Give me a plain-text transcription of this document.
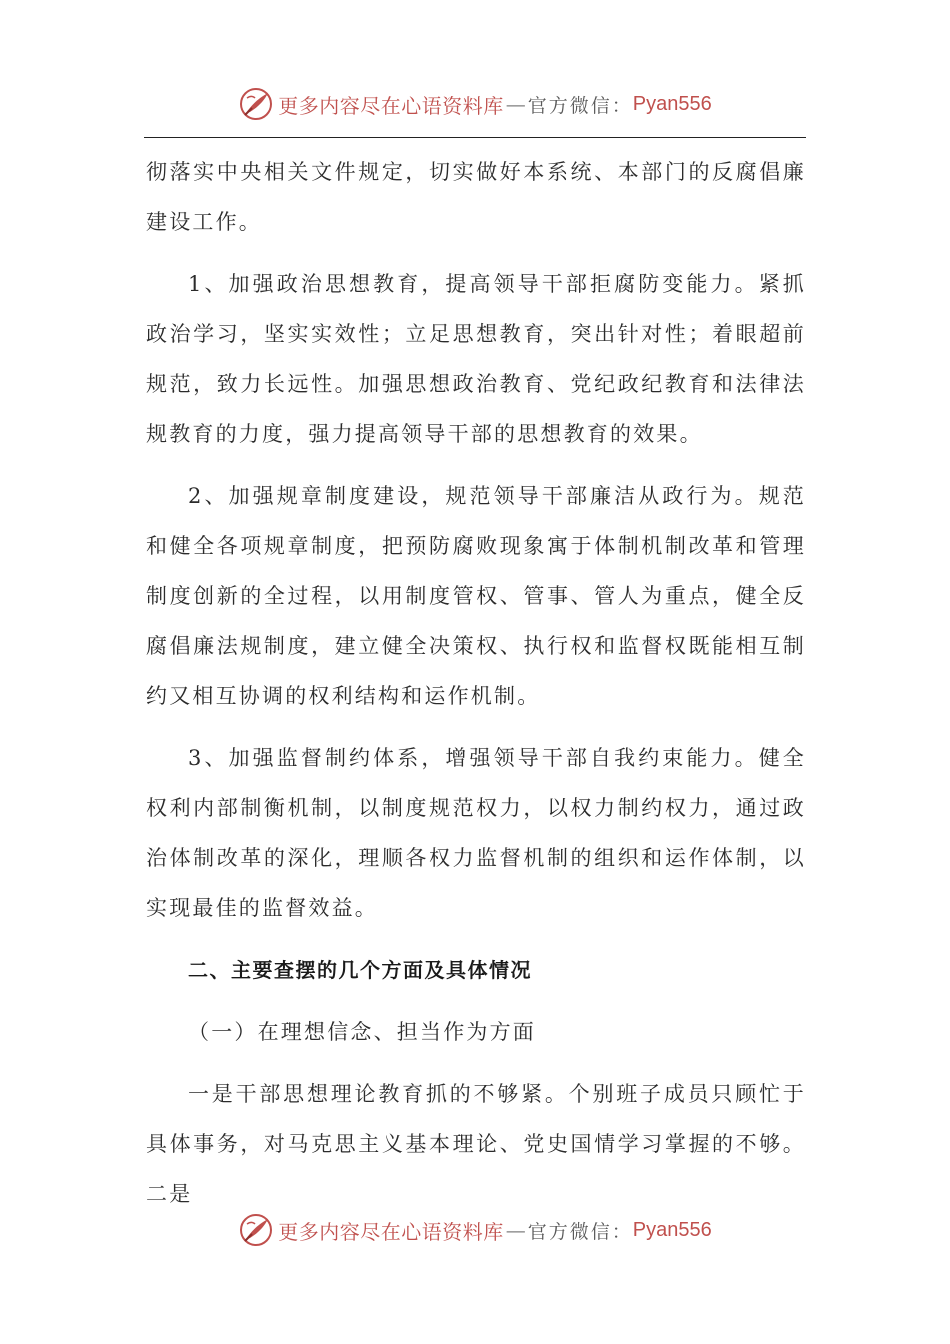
更多内容尽在心语资料库 — 官方微信： Pyan556

彻落实中央相关文件规定，切实做好本系统、本部门的反腐倡廉建设工作。

1、加强政治思想教育，提高领导干部拒腐防变能力。紧抓政治学习，坚实实效性；立足思想教育，突出针对性；着眼超前规范，致力长远性。加强思想政治教育、党纪政纪教育和法律法规教育的力度，强力提高领导干部的思想教育的效果。

2、加强规章制度建设，规范领导干部廉洁从政行为。规范和健全各项规章制度，把预防腐败现象寓于体制机制改革和管理制度创新的全过程，以用制度管权、管事、管人为重点，健全反腐倡廉法规制度，建立健全决策权、执行权和监督权既能相互制约又相互协调的权利结构和运作机制。

3、加强监督制约体系，增强领导干部自我约束能力。健全权利内部制衡机制，以制度规范权力，以权力制约权力，通过政治体制改革的深化，理顺各权力监督机制的组织和运作体制，以实现最佳的监督效益。

二、主要查摆的几个方面及具体情况

（一）在理想信念、担当作为方面

一是干部思想理论教育抓的不够紧。个别班子成员只顾忙于具体事务，对马克思主义基本理论、党史国情学习掌握的不够。二是

更多内容尽在心语资料库 — 官方微信： Pyan556
